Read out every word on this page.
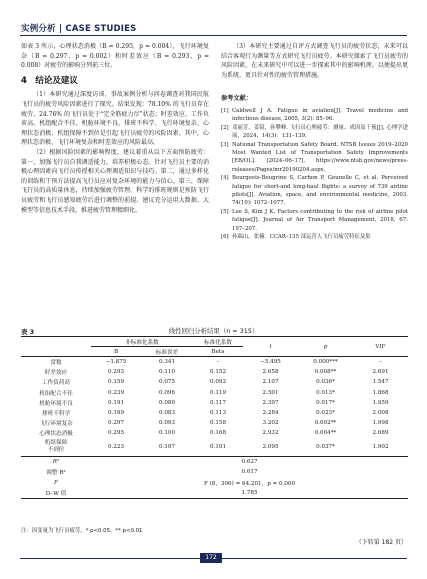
实例分析 | CASE STUDIES

如表 3 所示，心理状态消极（B = 0.295，p = 0.004）、飞行环境复杂（B = 0.297，p = 0.002）和时差效应（B = 0.293，p = 0.008）对疲劳的影响分列前三位。

4　结论及建议

（1）本研究通过深度访谈、事故案例分析与问卷调查对我国民航飞行员的疲劳风险因素进行了探究。结果发现：78.10% 的飞行员存在疲劳，24.76% 的飞行员处于“完全筋疲力尽”状态；时差效应、工作负荷高、机组配合不佳、机舱环境不良、排班不科学、飞行环境复杂、心理状态消极、机组保障不到位是引起飞行员疲劳的风险因素。其中，心理状态消极、飞行环境复杂和时差效应的风险最高。

（2）根据风险因素的影响程度，建议着重从以下方面预防疲劳：第一，加强飞行员自我调适能力，培养积极心态。针对飞行员主要的消极心理因素向飞行员传授相关心理调适知识与技巧。第二，通过多样化的训练和干预方法提高飞行员应对复杂环境的能力与信心。第三，保障飞行员的高质量休息，持续加强疲劳管理。科学的排班规则是预防飞行员疲劳和飞行员感知疲劳后进行调整的前提。建议充分运用大数据、大模型等信息技术手段，推进疲劳管理精细化。

（3）本研究主要通过自评方式调查飞行员的疲劳状态，未来可以结合客观行为测量等方式研究飞行员疲劳。本研究探索了飞行员疲劳的风险因素，在未来研究中可以进一步探索其中的影响机理，以便提出更为系统、更具针对性的疲劳管理措施。

参考文献：
[1] Caldwell J A. Fatigue in aviation[J]. Travel medicine and infectious disease, 2005, 3(2): 85–96.
[2] 邓丽芳，姜镜，孙攀峰. 飞行员心理疲劳：测量、成因及干预[J]. 心理学进展，2024，14(3)：131–139.
[3] National Transportation Safety Board. NTSB Issues 2019–2020 Most Wanted List of Transportation Safety Improvements [EB/OL]. [2024–06–17]. https://www.ntsb.gov/news/press-releases/Pages/mr20190204.aspx.
[4] Bourgeois-Bougrine S, Carbon P, Gounelle C, et al. Perceived fatigue for short-and long-haul flights: a survey of 739 airline pilots[J]. Aviation, space, and environmental medicine, 2003, 74(10): 1072–1077.
[5] Lee S, Kim J K. Factors contributing to the risk of airline pilot fatigue[J]. Journal of Air Transport Management, 2018, 67: 197–207.
[6] 孙瑞山，张楠．CCAR–135 部运营人飞行员疲劳特征及影
表 3	线性回归分析结果（n = 315）
	非标准化系数		标准化系数	t	p	VIF
	B	标准误差	Beta			
常数	−1.875	0.341	–	−5.495	0.000***	–
时差效应	0.293	0.110	0.152	2.658	0.008**	2.691
工作负荷高	0.159	0.075	0.092	2.107	0.036*	1.547
机组配合不佳	0.239	0.096	0.119	2.501	0.013*	1.868
机舱环境不良	0.191	0.080	0.117	2.397	0.017*	1.959
排班不科学	0.189	0.083	0.113	2.284	0.023*	2.008
飞行环境复杂	0.297	0.093	0.158	3.202	0.002**	1.998
心理状态消极	0.295	0.100	0.168	2.932	0.004**	2.689
机组保障
不到位	0.223	0.107	0.101	2.095	0.037*	1.902
R²	0.627					
调整 R²	0.617					
F	F (8，306) = 64.201，p = 0.000					
D–W 值	1.785					
注：因变量为飞行员疲劳，* p<0.05，** p<0.01
（下转第 182 页）
172
